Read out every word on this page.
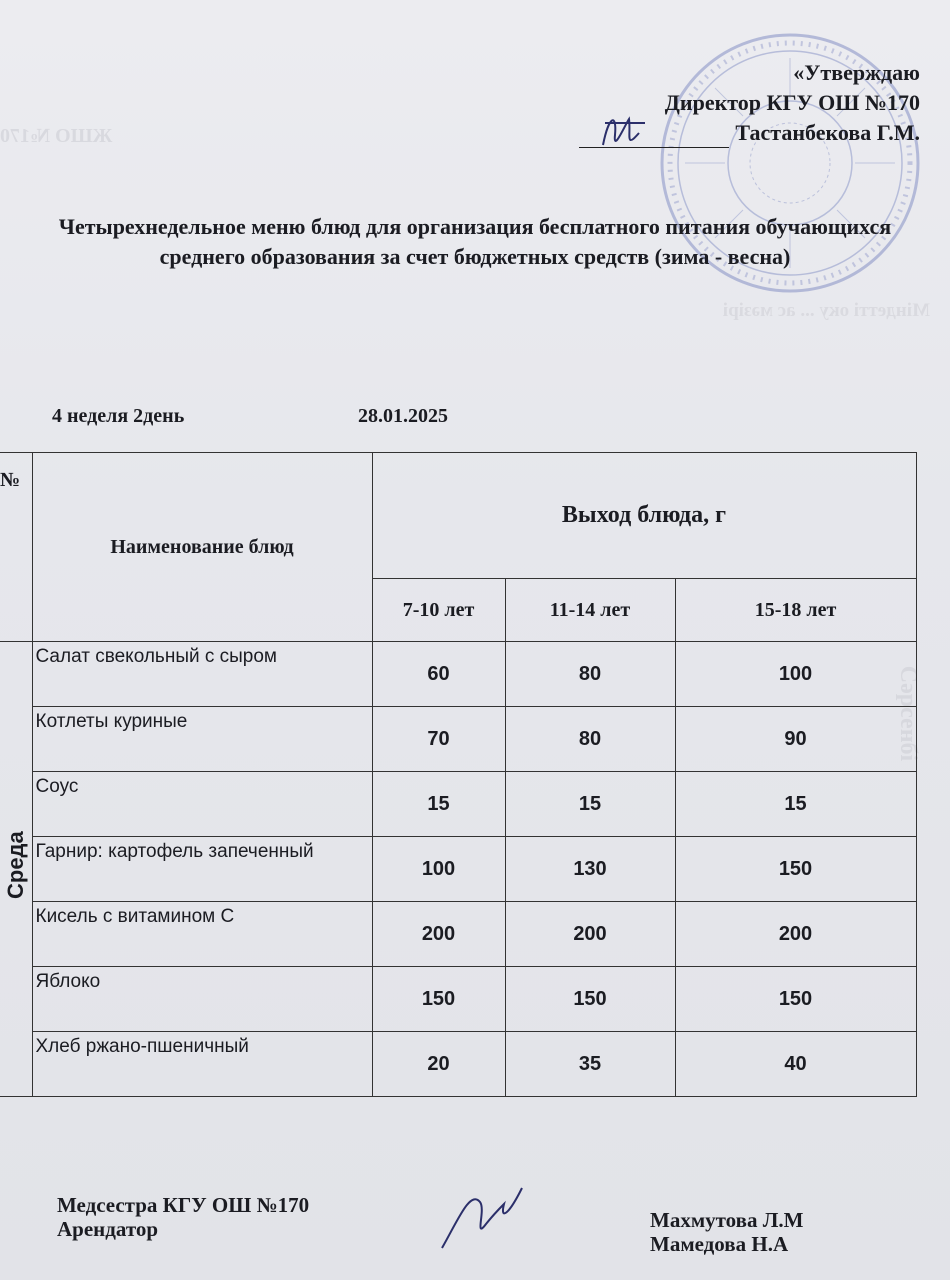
ЖШО №170
Мiндеттi оку ... ас мәзiрi
Сәрсенбi
«Утверждаю
Директор КГУ ОШ №170
Тастанбекова Г.М.
Четырехнедельное меню блюд для организация бесплатного питания обучающихся среднего образования за счет бюджетных средств (зима - весна)
4 неделя 2день	28.01.2025
№	Наименование блюд	Выход блюда, г		
		7-10 лет	11-14 лет	15-18 лет

Среда	Салат свекольный с сыром	60	80	100
	Котлеты куриные	70	80	90
	Соус	15	15	15
	Гарнир: картофель запеченный	100	130	150
	Кисель с витамином С	200	200	200
	Яблоко	150	150	150
	Хлеб ржано-пшеничный	20	35	40
Медсестра КГУ ОШ №170
Арендатор	Махмутова Л.М
Мамедова Н.А
